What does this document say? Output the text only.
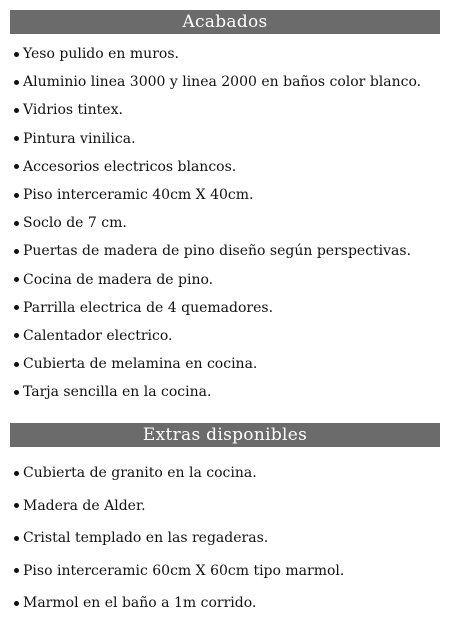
Acabados
Yeso pulido en muros.
Aluminio linea 3000 y linea 2000 en baños color blanco.
Vidrios tintex.
Pintura vinilica.
Accesorios electricos blancos.
Piso interceramic 40cm X 40cm.
Soclo de 7 cm.
Puertas de madera de pino diseño según perspectivas.
Cocina de madera de pino.
Parrilla electrica de 4 quemadores.
Calentador electrico.
Cubierta de melamina en cocina.
Tarja sencilla en la cocina.
Extras disponibles
Cubierta de granito en la cocina.
Madera de Alder.
Cristal templado en las regaderas.
Piso interceramic 60cm X 60cm tipo marmol.
Marmol en el baño a 1m corrido.
